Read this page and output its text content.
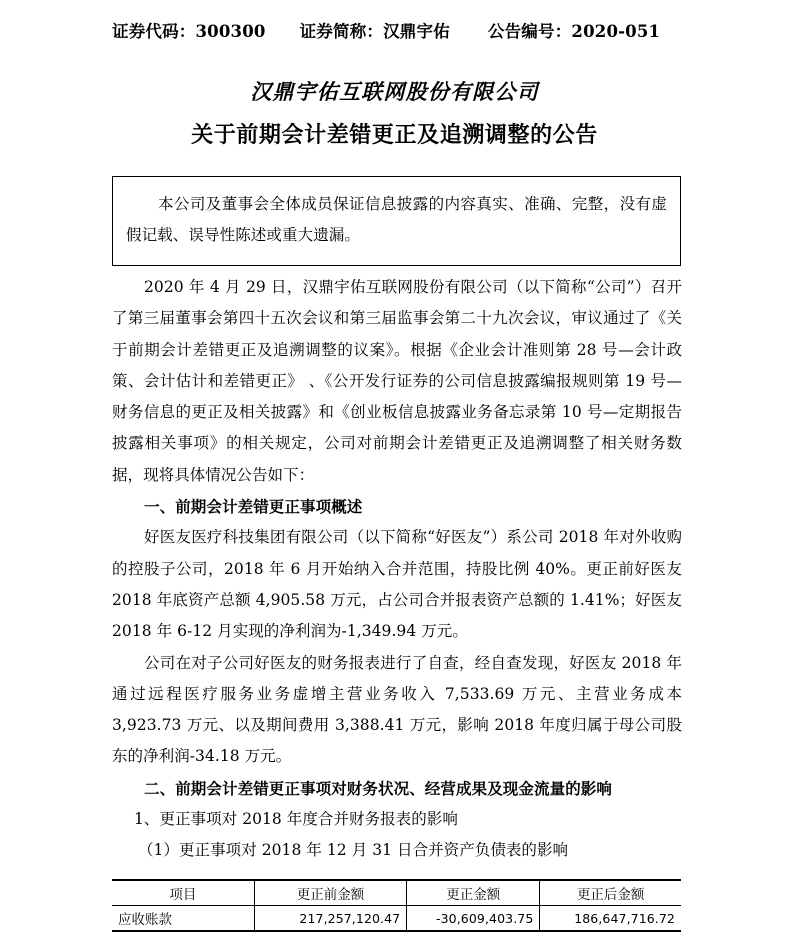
证券代码：300300 证券简称：汉鼎宇佑 公告编号：2020-051
汉鼎宇佑互联网股份有限公司
关于前期会计差错更正及追溯调整的公告
本公司及董事会全体成员保证信息披露的内容真实、准确、完整，没有虚假记载、误导性陈述或重大遗漏。

2020 年 4 月 29 日，汉鼎宇佑互联网股份有限公司（以下简称“公司”）召开了第三届董事会第四十五次会议和第三届监事会第二十九次会议，审议通过了《关于前期会计差错更正及追溯调整的议案》。根据《企业会计准则第 28 号—会计政策、会计估计和差错更正》 、《公开发行证券的公司信息披露编报规则第 19 号—财务信息的更正及相关披露》和《创业板信息披露业务备忘录第 10 号—定期报告披露相关事项》的相关规定，公司对前期会计差错更正及追溯调整了相关财务数据，现将具体情况公告如下：

一、前期会计差错更正事项概述

好医友医疗科技集团有限公司（以下简称“好医友”）系公司 2018 年对外收购的控股子公司，2018 年 6 月开始纳入合并范围，持股比例 40%。更正前好医友 2018 年底资产总额 4,905.58 万元，占公司合并报表资产总额的 1.41%；好医友 2018 年 6-12 月实现的净利润为-1,349.94 万元。

公司在对子公司好医友的财务报表进行了自查，经自查发现，好医友 2018 年通过远程医疗服务业务虚增主营业务收入 7,533.69 万元、主营业务成本 3,923.73 万元、以及期间费用 3,388.41 万元，影响 2018 年度归属于母公司股东的净利润-34.18 万元。

二、前期会计差错更正事项对财务状况、经营成果及现金流量的影响

1、更正事项对 2018 年度合并财务报表的影响

（1）更正事项对 2018 年 12 月 31 日合并资产负债表的影响

项目	更正前金额	更正金额	更正后金额
应收账款	217,257,120.47	-30,609,403.75	186,647,716.72
